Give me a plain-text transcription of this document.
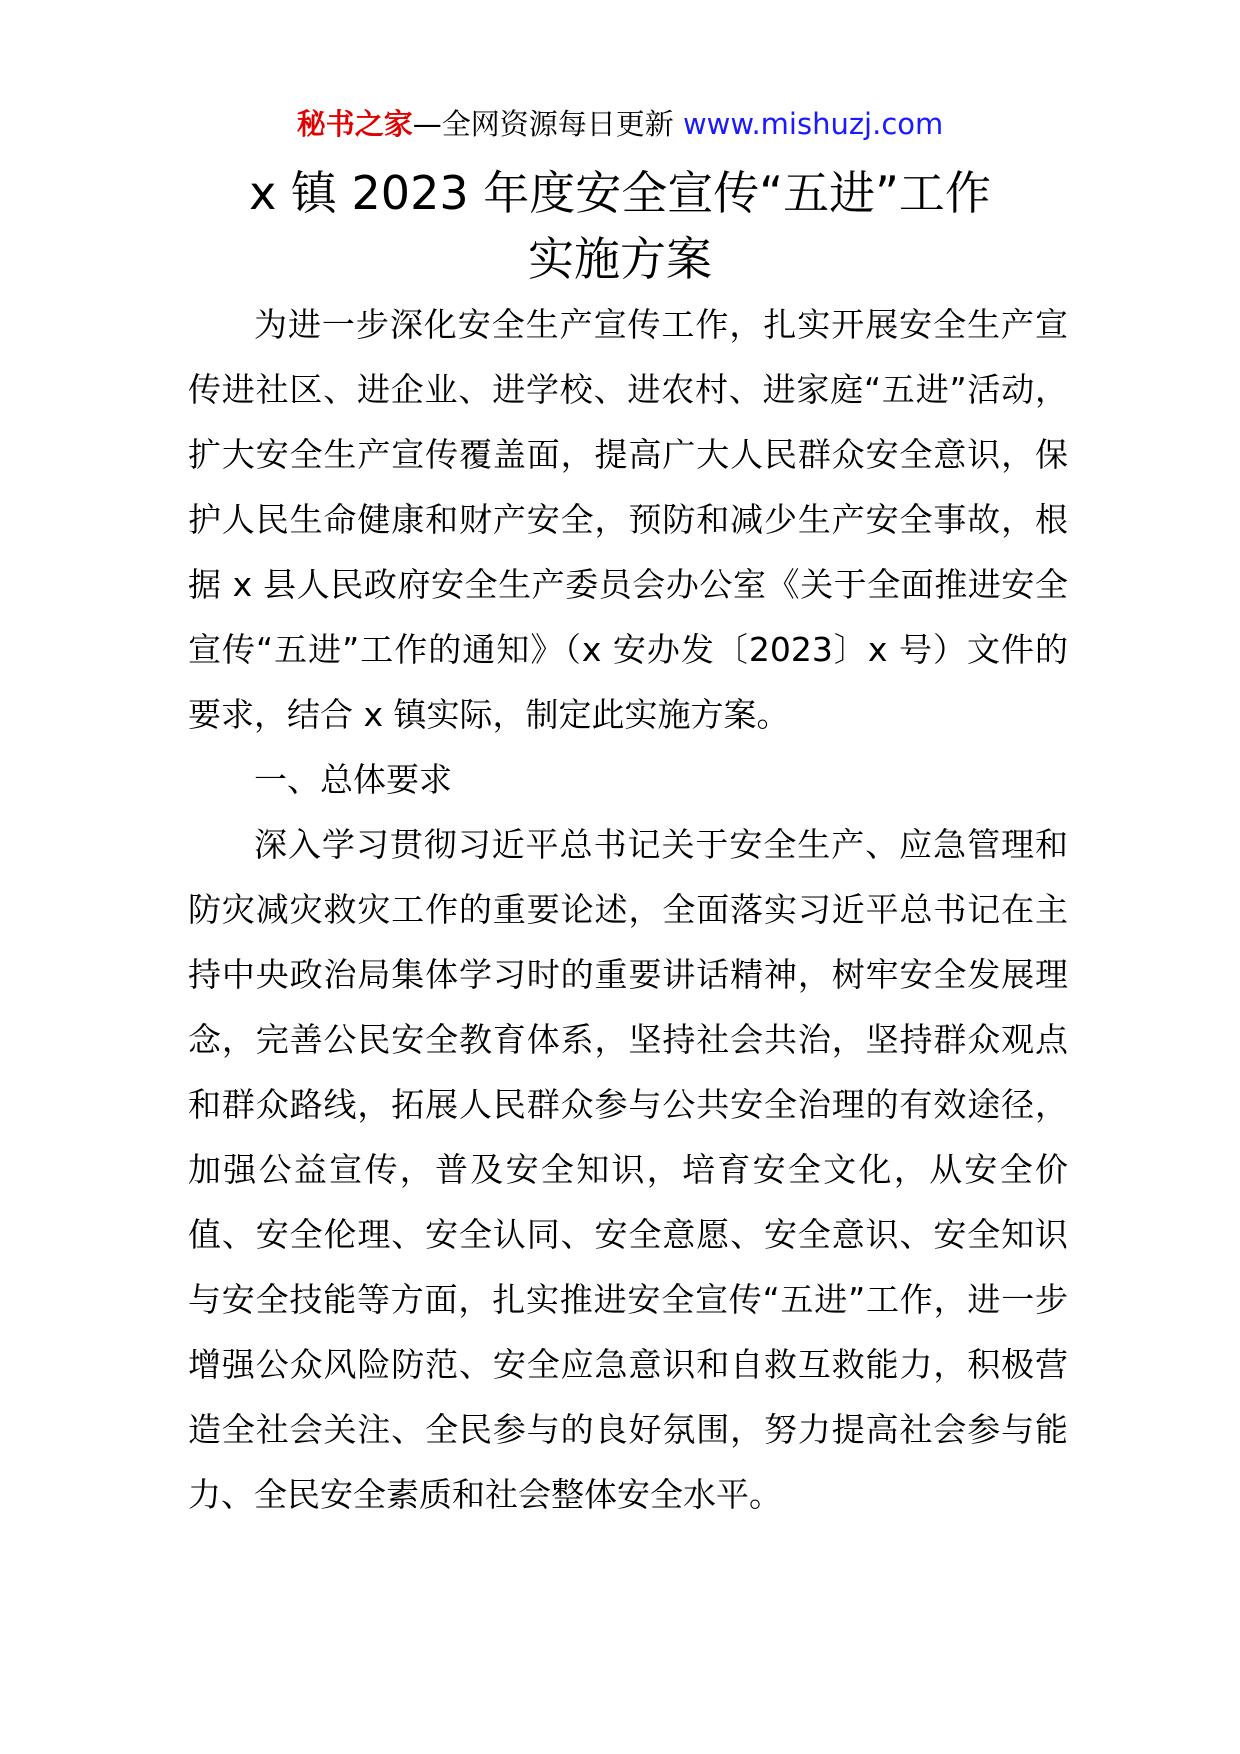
秘书之家—全网资源每日更新 www.mishuzj.com
x 镇 2023 年度安全宣传“五进”工作
实施方案

为进一步深化安全生产宣传工作，扎实开展安全生产宣传进社区、进企业、进学校、进农村、进家庭“五进”活动，扩大安全生产宣传覆盖面，提高广大人民群众安全意识，保护人民生命健康和财产安全，预防和减少生产安全事故，根据 x 县人民政府安全生产委员会办公室《关于全面推进安全宣传“五进”工作的通知》（x 安办发〔2023〕x 号）文件的要求，结合 x 镇实际，制定此实施方案。

一、总体要求

深入学习贯彻习近平总书记关于安全生产、应急管理和防灾减灾救灾工作的重要论述，全面落实习近平总书记在主持中央政治局集体学习时的重要讲话精神，树牢安全发展理念，完善公民安全教育体系，坚持社会共治，坚持群众观点和群众路线，拓展人民群众参与公共安全治理的有效途径，加强公益宣传，普及安全知识，培育安全文化，从安全价值、安全伦理、安全认同、安全意愿、安全意识、安全知识与安全技能等方面，扎实推进安全宣传“五进”工作，进一步增强公众风险防范、安全应急意识和自救互救能力，积极营造全社会关注、全民参与的良好氛围，努力提高社会参与能力、全民安全素质和社会整体安全水平。
